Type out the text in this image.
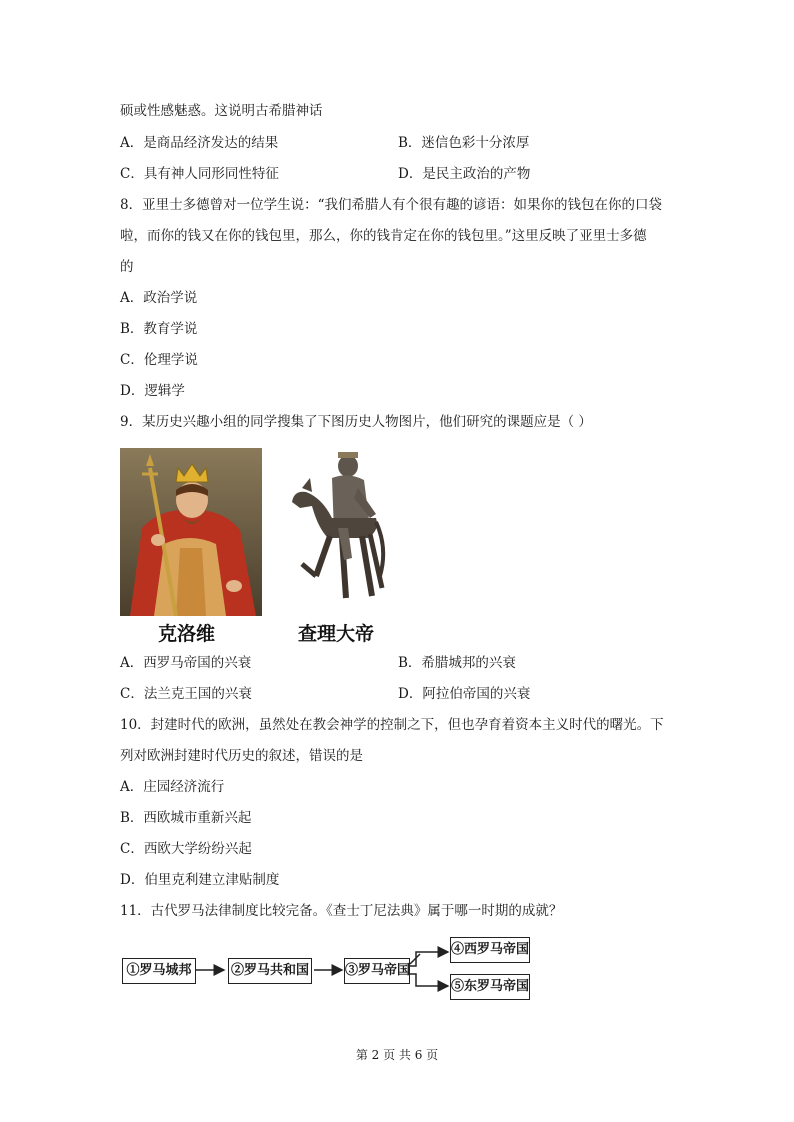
硕或性感魅惑。这说明古希腊神话
A．是商品经济发达的结果	B．迷信色彩十分浓厚
C．具有神人同形同性特征	D．是民主政治的产物
8．亚里士多德曾对一位学生说：“我们希腊人有个很有趣的谚语：如果你的钱包在你的口袋
啦，而你的钱又在你的钱包里，那么，你的钱肯定在你的钱包里。”这里反映了亚里士多德
的
A．政治学说
B．教育学说
C．伦理学说
D．逻辑学
9．某历史兴趣小组的同学搜集了下图历史人物图片，他们研究的课题应是（ ）
克洛维	查理大帝
A．西罗马帝国的兴衰	B．希腊城邦的兴衰
C．法兰克王国的兴衰	D．阿拉伯帝国的兴衰
10．封建时代的欧洲，虽然处在教会神学的控制之下，但也孕育着资本主义时代的曙光。下
列对欧洲封建时代历史的叙述，错误的是
A．庄园经济流行
B．西欧城市重新兴起
C．西欧大学纷纷兴起
D．伯里克利建立津贴制度
11．古代罗马法律制度比较完备。《查士丁尼法典》属于哪一时期的成就？
①罗马城邦	②罗马共和国	③罗马帝国
④西罗马帝国
⑤东罗马帝国
第 2 页 共 6 页
